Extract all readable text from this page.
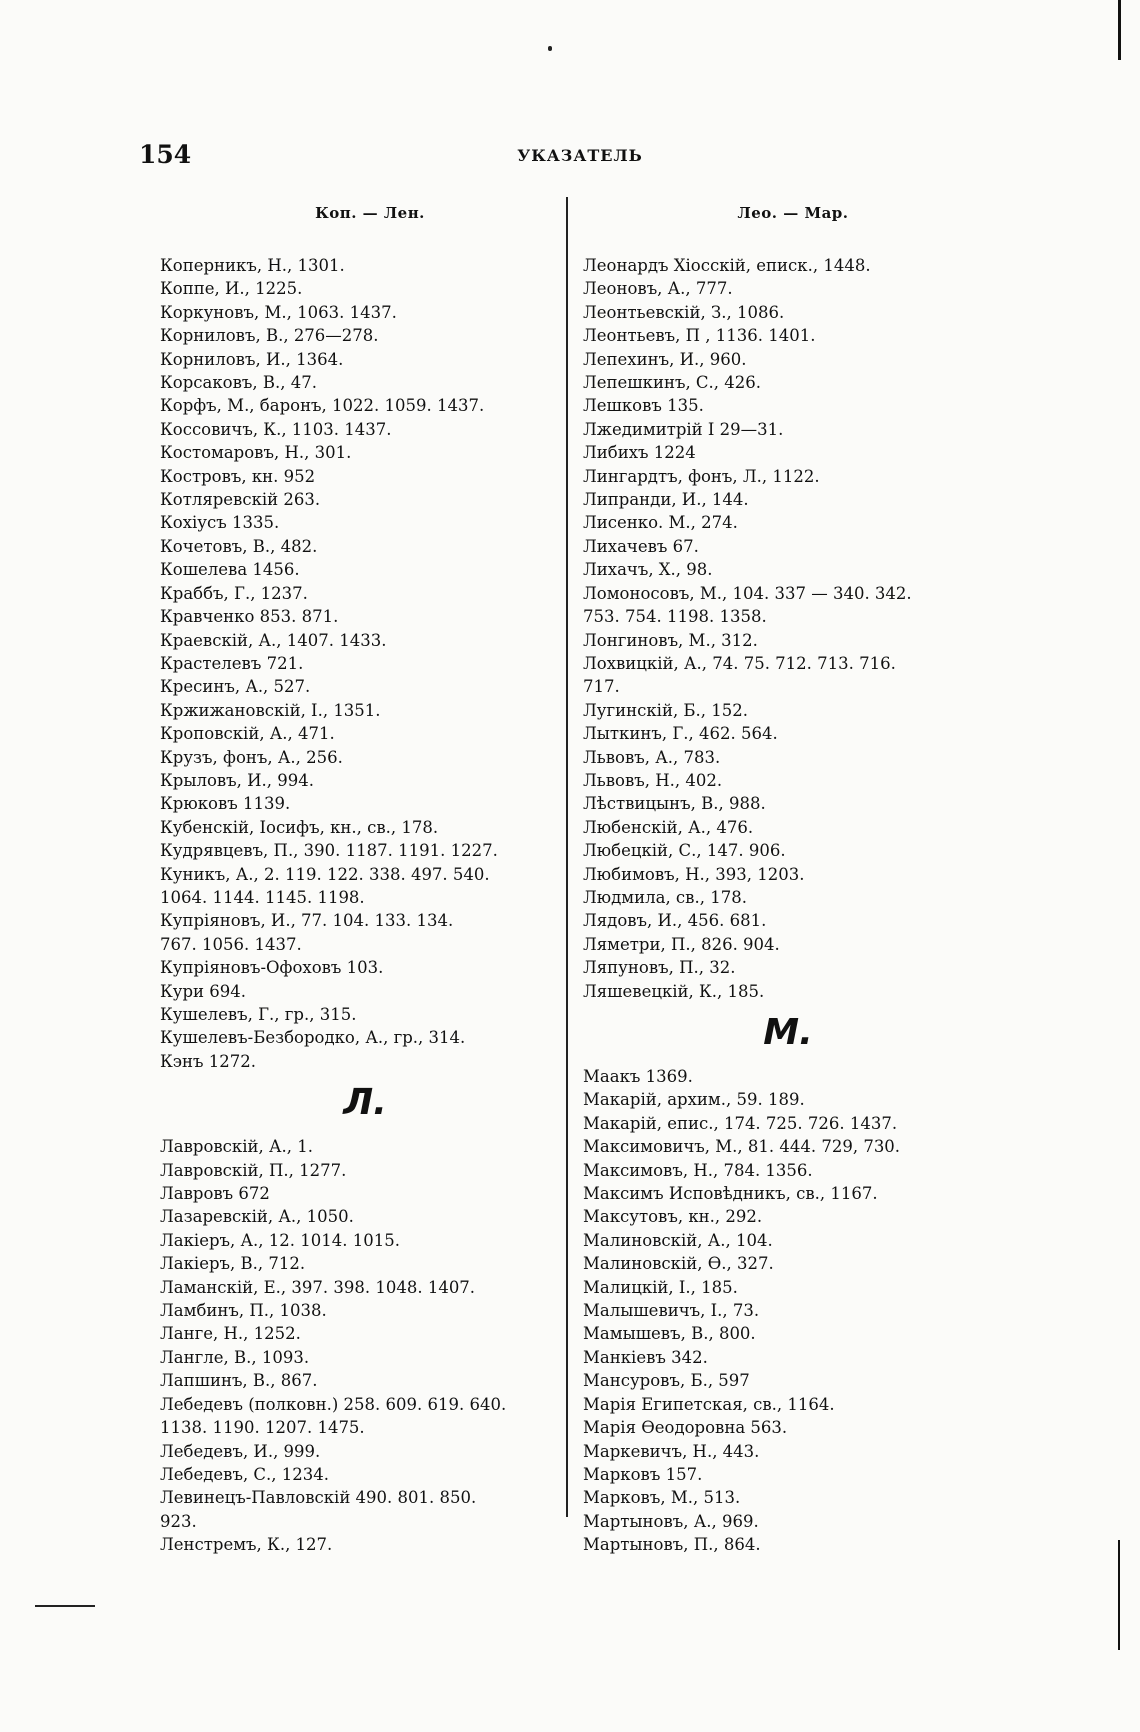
154	УКАЗАТЕЛЬ
Коп. — Лен.
Коперникъ, Н., 1301.
Коппе, И., 1225.
Коркуновъ, М., 1063. 1437.
Корниловъ, В., 276—278.
Корниловъ, И., 1364.
Корсаковъ, В., 47.
Корфъ, М., баронъ, 1022. 1059. 1437.
Коссовичъ, К., 1103. 1437.
Костомаровъ, Н., 301.
Костровъ, кн. 952
Котляревскій 263.
Коxiусъ 1335.
Кочетовъ, В., 482.
Кошелева 1456.
Краббъ, Г., 1237.
Кравченко 853. 871.
Краевскій, А., 1407. 1433.
Крастелевъ 721.
Кресинъ, А., 527.
Кржижановскій, I., 1351.
Кроповскій, А., 471.
Крузъ, фонъ, А., 256.
Крыловъ, И., 994.
Крюковъ 1139.
Кубенскій, Іосифъ, кн., св., 178.
Кудрявцевъ, П., 390. 1187. 1191. 1227.
Куникъ, А., 2. 119. 122. 338. 497. 540.
1064. 1144. 1145. 1198.
Купріяновъ, И., 77. 104. 133. 134.
767. 1056. 1437.
Купріяновъ-Офоховъ 103.
Кури 694.
Кушелевъ, Г., гр., 315.
Кушелевъ-Безбородко, А., гр., 314.
Кэнъ 1272.
Л.
Лавровскій, А., 1.
Лавровскій, П., 1277.
Лавровъ 672
Лазаревскій, А., 1050.
Лакіеръ, А., 12. 1014. 1015.
Лакіеръ, В., 712.
Ламанскій, Е., 397. 398. 1048. 1407.
Ламбинъ, П., 1038.
Ланге, Н., 1252.
Лангле, В., 1093.
Лапшинъ, В., 867.
Лебедевъ (полковн.) 258. 609. 619. 640.
1138. 1190. 1207. 1475.
Лебедевъ, И., 999.
Лебедевъ, С., 1234.
Левинецъ-Павловскій 490. 801. 850.
923.
Ленстремъ, К., 127.
Лео. — Мар.
Леонардъ Хіосскій, еписк., 1448.
Леоновъ, А., 777.
Леонтьевскій, З., 1086.
Леонтьевъ, П , 1136. 1401.
Лепехинъ, И., 960.
Лепешкинъ, С., 426.
Лешковъ 135.
Лжедимитрій I 29—31.
Либихъ 1224
Лингардтъ, фонъ, Л., 1122.
Липранди, И., 144.
Лисенко. М., 274.
Лихачевъ 67.
Лихачъ, Х., 98.
Ломоносовъ, М., 104. 337 — 340. 342.
753. 754. 1198. 1358.
Лонгиновъ, М., 312.
Лохвицкій, А., 74. 75. 712. 713. 716.
717.
Лугинскій, Б., 152.
Лыткинъ, Г., 462. 564.
Львовъ, А., 783.
Львовъ, Н., 402.
Лѣствицынъ, В., 988.
Любенскій, А., 476.
Любецкій, С., 147. 906.
Любимовъ, Н., 393, 1203.
Людмила, св., 178.
Лядовъ, И., 456. 681.
Ляметри, П., 826. 904.
Ляпуновъ, П., 32.
Ляшевецкій, К., 185.
М.
Маакъ 1369.
Макарій, архим., 59. 189.
Макарій, епис., 174. 725. 726. 1437.
Максимовичъ, М., 81. 444. 729, 730.
Максимовъ, Н., 784. 1356.
Максимъ Исповѣдникъ, св., 1167.
Максутовъ, кн., 292.
Малиновскій, А., 104.
Малиновскій, Ѳ., 327.
Малицкій, І., 185.
Малышевичъ, І., 73.
Мамышевъ, В., 800.
Манкіевъ 342.
Мансуровъ, Б., 597
Марія Египетская, св., 1164.
Марія Ѳеодоровна 563.
Маркевичъ, Н., 443.
Марковъ 157.
Марковъ, М., 513.
Мартыновъ, А., 969.
Мартыновъ, П., 864.
